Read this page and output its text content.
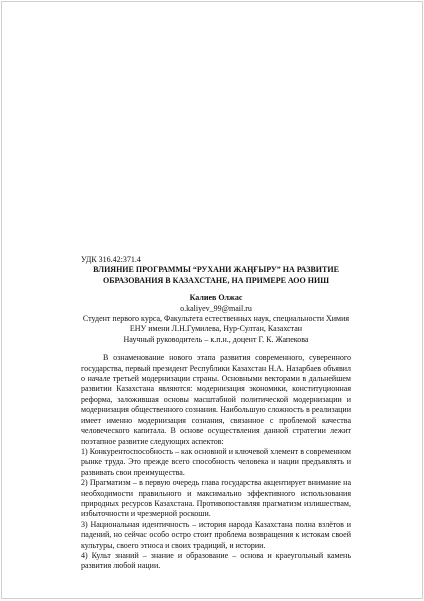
УДК 316.42:371.4

ВЛИЯНИЕ ПРОГРАММЫ “РУХАНИ ЖАҢҒЫРУ” НА РАЗВИТИЕ

ОБРАЗОВАНИЯ В КАЗАХСТАНЕ, НА ПРИМЕРЕ АОО НИШ

Калиев Олжас

o.kaliyev_99@mail.ru

Студент первого курса, Факультета естественных наук, специальности Химия

ЕНУ имени Л.Н.Гумилева, Нур-Султан, Казахстан

Научный руководитель – к.п.н., доцент Г. К. Жапекова

В ознаменование нового этапа развития современного, суверенного государства, первый президент Республики Казахстан Н.А. Назарбаев объявил о начале третьей модернизации страны. Основными векторами в дальнейшем развитии Казахстана являются: модернизация экономики, конституционная реформа, заложившая основы масштабной политической модернизации и модернизация общественного сознания. Наибольшую сложность в реализации имеет именно модернизация сознания, связанное с проблемой качества человеческого капитала. В основе осуществления данной стратегии лежит поэтапное развитие следующих аспектов:

1) Конкурентоспособность – как основной и ключевой хлемент в современном рынке труда. Это прежде всего способность человека и нации предъявлять и развивать свои преимущества.

2) Прагматизм – в первую очередь глава государства акцентирует внимание на необходимости правильного и максимально эффективного использования природных ресурсов Казахстана. Противопоставляя прагматизм излишествам, избыточности и чрезмерной роскоши.

3) Национальная идентичность – история народа Казахстана полна взлётов и падений, но сейчас особо остро стоит проблема возвращения к истокам своей культуры, своего этноса и своих традиций, и истории.

4) Культ знаний – знание и образование – основа и краеугольный камень развития любой нации.
